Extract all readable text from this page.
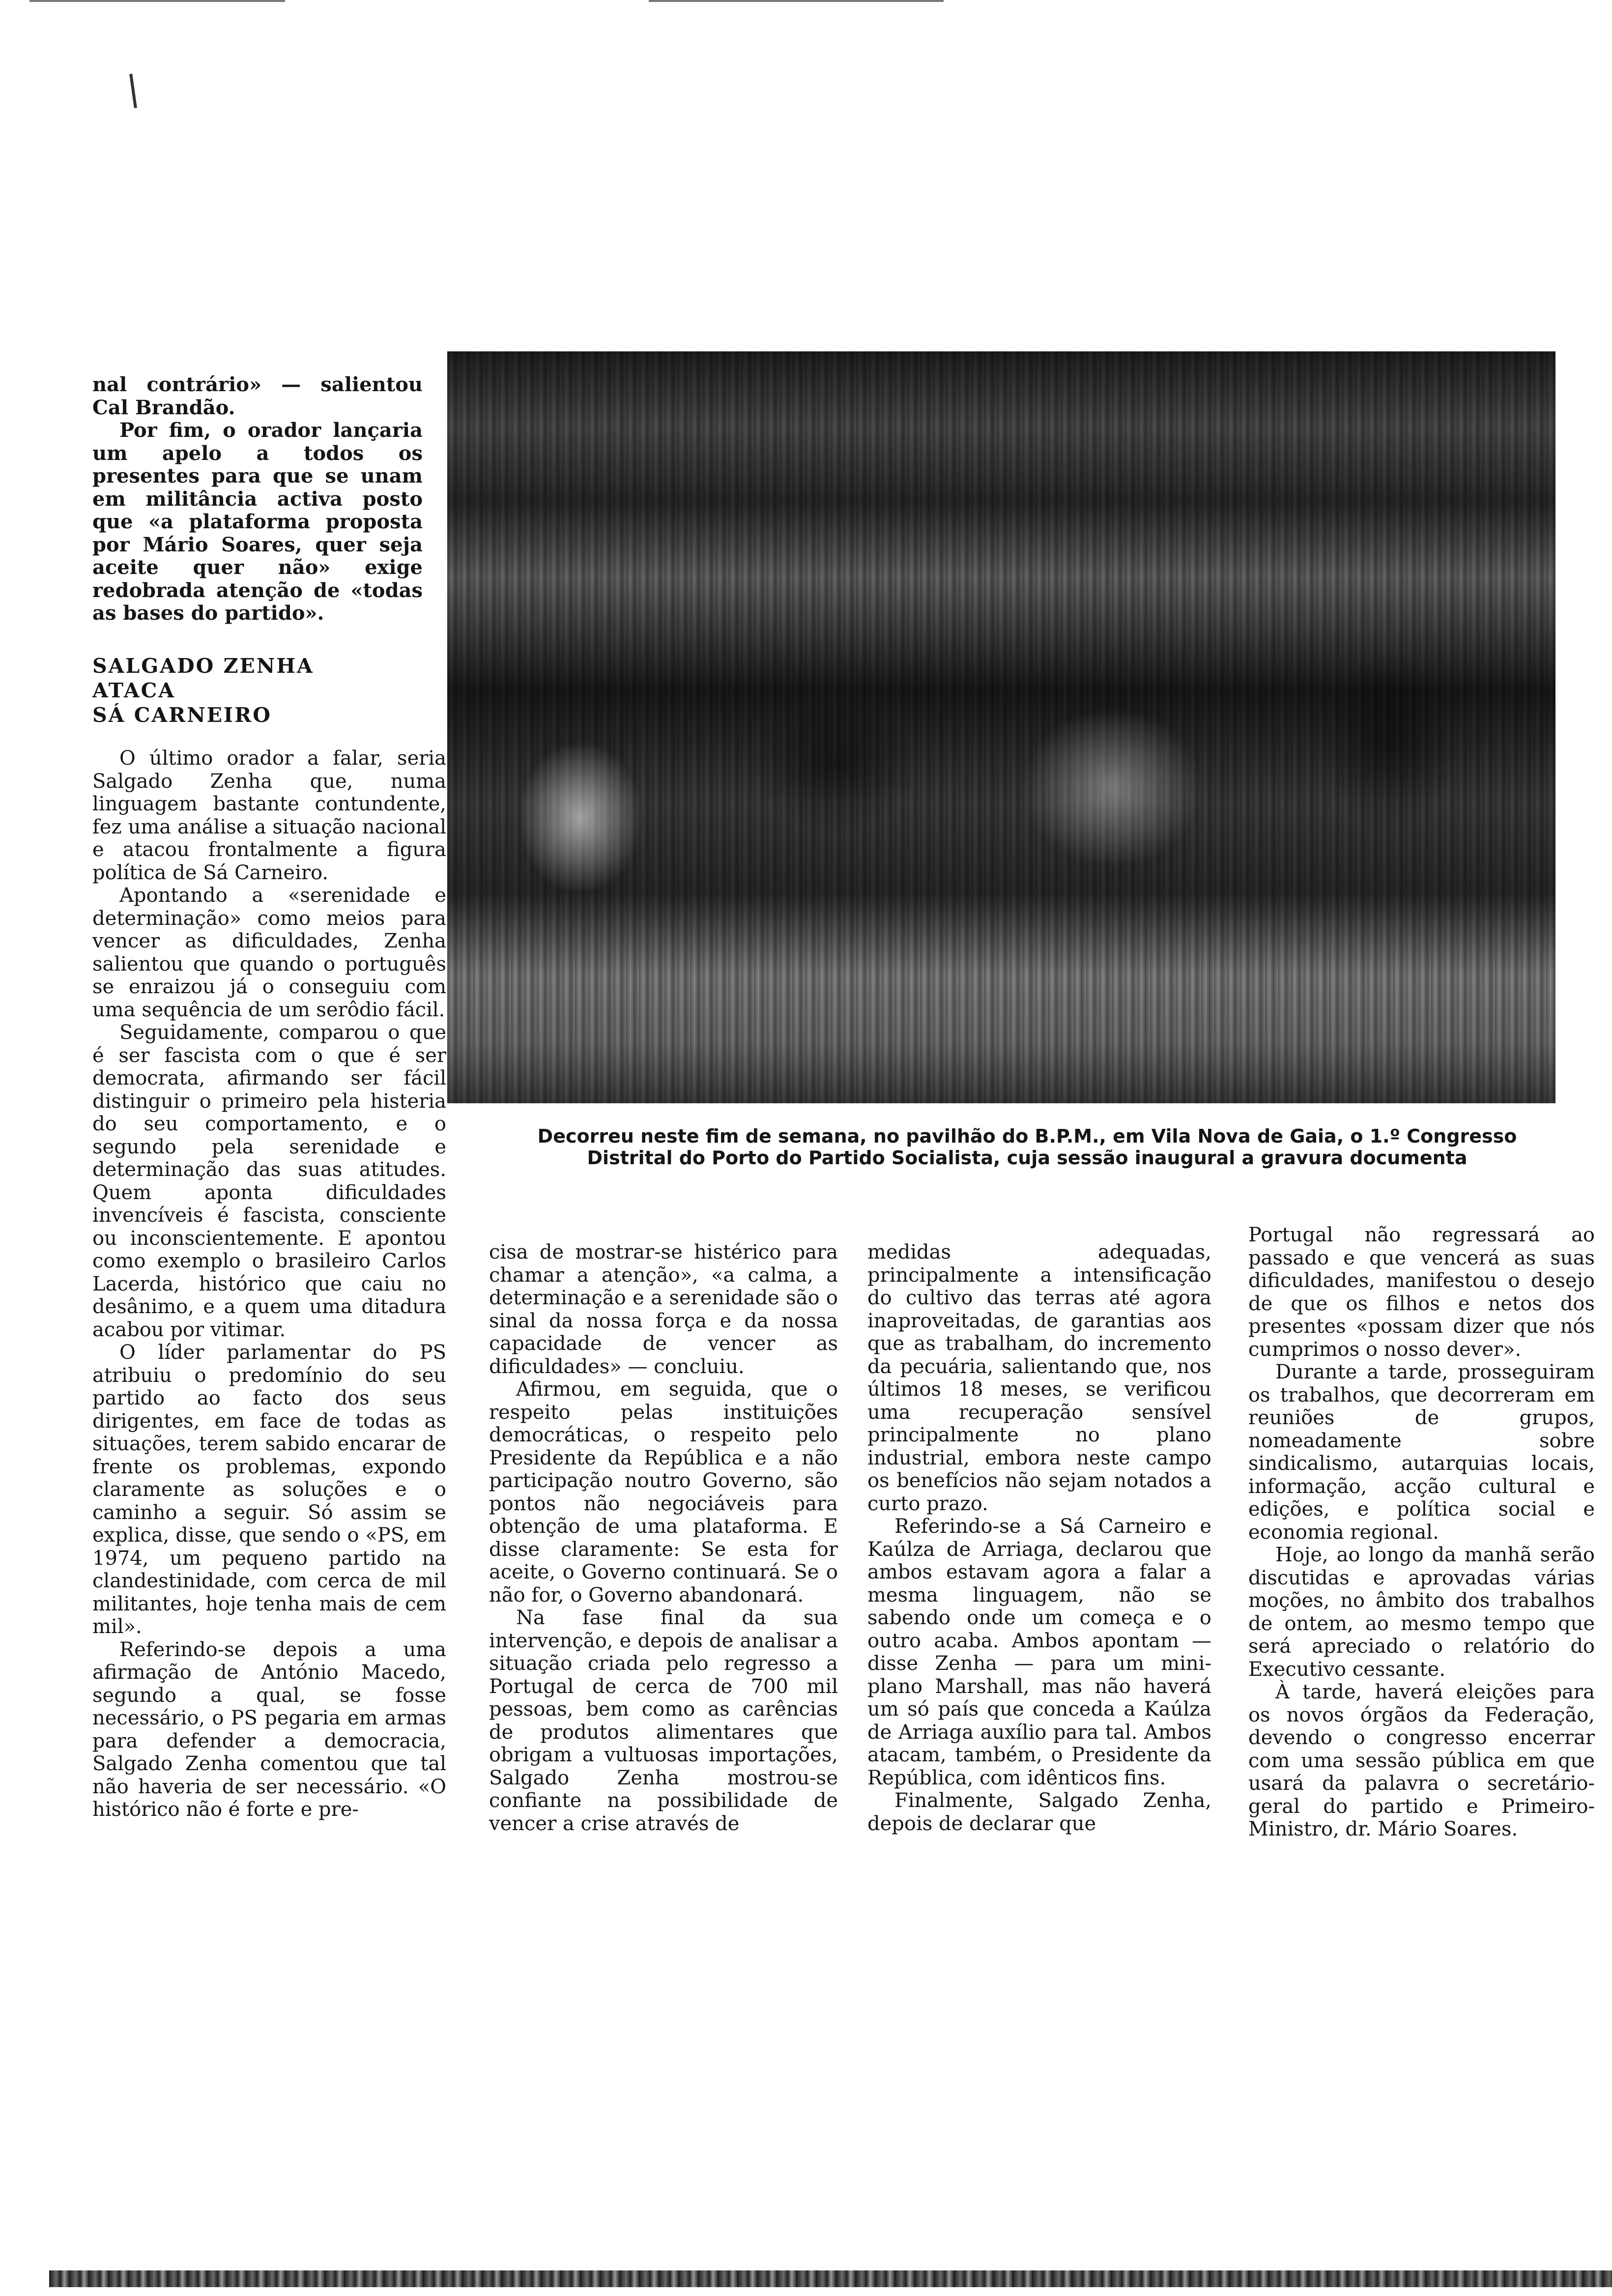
nal contrário» — salientou Cal Brandão.

Por fim, o orador lançaria um apelo a todos os presentes para que se unam em militância activa posto que «a plataforma proposta por Mário Soares, quer seja aceite quer não» exige redobrada atenção de «todas as bases do partido».

SALGADO ZENHA
ATACA
SÁ CARNEIRO

O último orador a falar, seria Salgado Zenha que, numa linguagem bastante contundente, fez uma análise a situação nacional e atacou frontalmente a figura política de Sá Carneiro.

Apontando a «serenidade e determinação» como meios para vencer as dificuldades, Zenha salientou que quando o português se enraizou já o conseguiu com uma sequência de um serôdio fácil.

Seguidamente, comparou o que é ser fascista com o que é ser democrata, afirmando ser fácil distinguir o primeiro pela histeria do seu comportamento, e o segundo pela serenidade e determinação das suas atitudes. Quem aponta dificuldades invencíveis é fascista, consciente ou inconscientemente. E apontou como exemplo o brasileiro Carlos Lacerda, histórico que caiu no desânimo, e a quem uma ditadura acabou por vitimar.

O líder parlamentar do PS atribuiu o predomínio do seu partido ao facto dos seus dirigentes, em face de todas as situações, terem sabido encarar de frente os problemas, expondo claramente as soluções e o caminho a seguir. Só assim se explica, disse, que sendo o «PS, em 1974, um pequeno partido na clandestinidade, com cerca de mil militantes, hoje tenha mais de cem mil».

Referindo-se depois a uma afirmação de António Macedo, segundo a qual, se fosse necessário, o PS pegaria em armas para defender a democracia, Salgado Zenha comentou que tal não haveria de ser necessário. «O histórico não é forte e pre-

Decorreu neste fim de semana, no pavilhão do B.P.M., em Vila Nova de Gaia, o 1.º Congresso Distrital do Porto do Partido Socialista, cuja sessão inaugural a gravura documenta

cisa de mostrar-se histérico para chamar a atenção», «a calma, a determinação e a serenidade são o sinal da nossa força e da nossa capacidade de vencer as dificuldades» — concluiu.

Afirmou, em seguida, que o respeito pelas instituições democráticas, o respeito pelo Presidente da República e a não participação noutro Governo, são pontos não negociáveis para obtenção de uma plataforma. E disse claramente: Se esta for aceite, o Governo continuará. Se o não for, o Governo abandonará.

Na fase final da sua intervenção, e depois de analisar a situação criada pelo regresso a Portugal de cerca de 700 mil pessoas, bem como as carências de produtos alimentares que obrigam a vultuosas importações, Salgado Zenha mostrou-se confiante na possibilidade de vencer a crise através de

medidas adequadas, principalmente a intensificação do cultivo das terras até agora inaproveitadas, de garantias aos que as trabalham, do incremento da pecuária, salientando que, nos últimos 18 meses, se verificou uma recuperação sensível principalmente no plano industrial, embora neste campo os benefícios não sejam notados a curto prazo.

Referindo-se a Sá Carneiro e Kaúlza de Arriaga, declarou que ambos estavam agora a falar a mesma linguagem, não se sabendo onde um começa e o outro acaba. Ambos apontam — disse Zenha — para um mini-plano Marshall, mas não haverá um só país que conceda a Kaúlza de Arriaga auxílio para tal. Ambos atacam, também, o Presidente da República, com idênticos fins.

Finalmente, Salgado Zenha, depois de declarar que

Portugal não regressará ao passado e que vencerá as suas dificuldades, manifestou o desejo de que os filhos e netos dos presentes «possam dizer que nós cumprimos o nosso dever».

Durante a tarde, prosseguiram os trabalhos, que decorreram em reuniões de grupos, nomeadamente sobre sindicalismo, autarquias locais, informação, acção cultural e edições, e política social e economia regional.

Hoje, ao longo da manhã serão discutidas e aprovadas várias moções, no âmbito dos trabalhos de ontem, ao mesmo tempo que será apreciado o relatório do Executivo cessante.

À tarde, haverá eleições para os novos órgãos da Federação, devendo o congresso encerrar com uma sessão pública em que usará da palavra o secretário-geral do partido e Primeiro-Ministro, dr. Mário Soares.
